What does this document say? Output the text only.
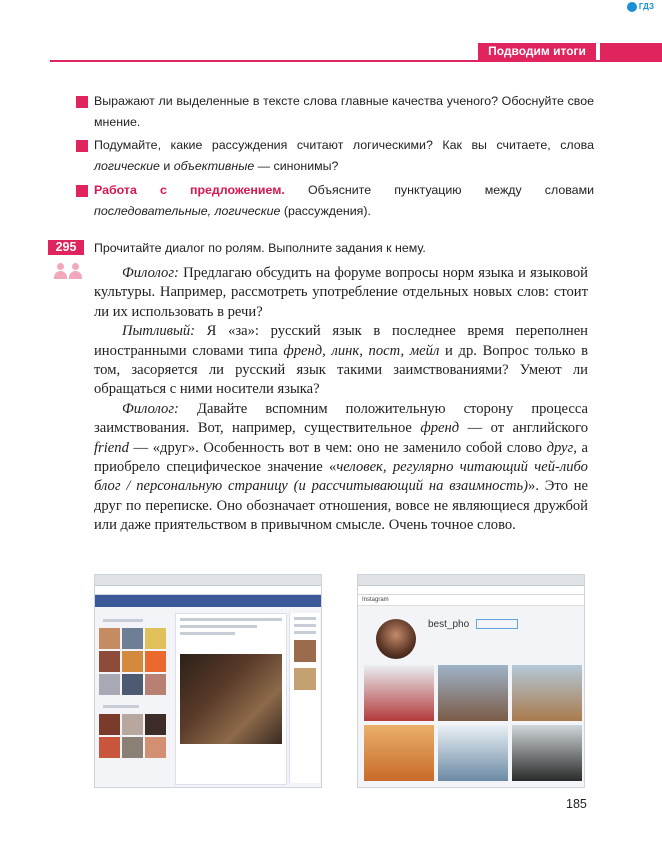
ГДЗ
Подводим итоги
Выражают ли выделенные в тексте слова главные качества ученого? Обоснуйте свое мнение.
Подумайте, какие рассуждения считают логическими? Как вы считаете, слова логические и объективные — синонимы?
Работа с предложением. Объясните пунктуацию между словами последовательные, логические (рассуждения).
295	Прочитайте диалог по ролям. Выполните задания к нему.

Филолог: Предлагаю обсудить на форуме вопросы норм языка и языковой культуры. Например, рассмотреть употребление отдельных новых слов: стоит ли их использовать в речи?

Пытливый: Я «за»: русский язык в последнее время переполнен иностранными словами типа френд, линк, пост, мейл и др. Вопрос только в том, засоряется ли русский язык такими заимствованиями? Умеют ли обращаться с ними носители языка?

Филолог: Давайте вспомним положительную сторону процесса заимствования. Вот, например, существительное френд — от английского friend — «друг». Особенность вот в чем: оно не заменило собой слово друг, а приобрело специфическое значение «человек, регулярно читающий чей-либо блог / персональную страницу (и рассчитывающий на взаимность)». Это не друг по переписке. Оно обозначает отношения, вовсе не являющиеся дружбой или даже приятельством в привычном смысле. Очень точное слово.

Instagram
best_pho
185
